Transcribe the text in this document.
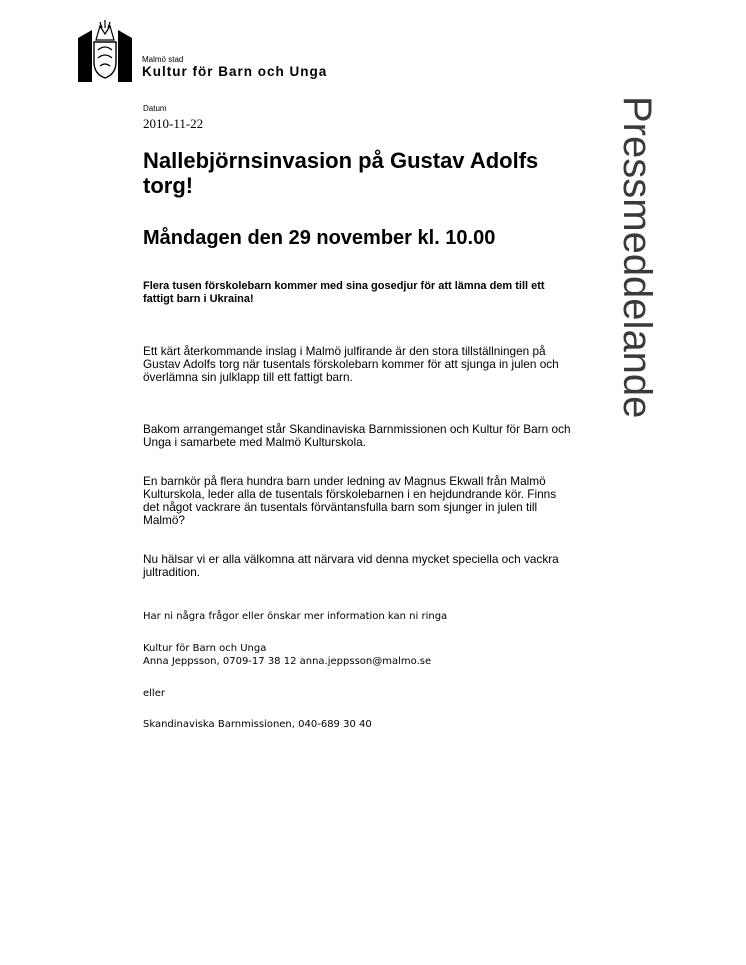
Malmö stad
Kultur för Barn och Unga
Pressmeddelande
Datum
2010-11-22
Nallebjörnsinvasion på Gustav Adolfs torg!
Måndagen den 29 november kl. 10.00

Flera tusen förskolebarn kommer med sina gosedjur för att lämna dem till ett fattigt barn i Ukraina!

Ett kärt återkommande inslag i Malmö julfirande är den stora tillställningen på Gustav Adolfs torg när tusentals förskolebarn kommer för att sjunga in julen och överlämna sin julklapp till ett fattigt barn.

Bakom arrangemanget står Skandinaviska Barnmissionen och Kultur för Barn och Unga i samarbete med Malmö Kulturskola.

En barnkör på flera hundra barn under ledning av Magnus Ekwall från Malmö Kulturskola, leder alla de tusentals förskolebarnen i en hejdundrande kör. Finns det något vackrare än tusentals förväntansfulla barn som sjunger in julen till Malmö?

Nu hälsar vi er alla välkomna att närvara vid denna mycket speciella och vackra jultradition.

Har ni några frågor eller önskar mer information kan ni ringa

Kultur för Barn och Unga

Anna Jeppsson, 0709-17 38 12 anna.jeppsson@malmo.se

eller

Skandinaviska Barnmissionen, 040-689 30 40
